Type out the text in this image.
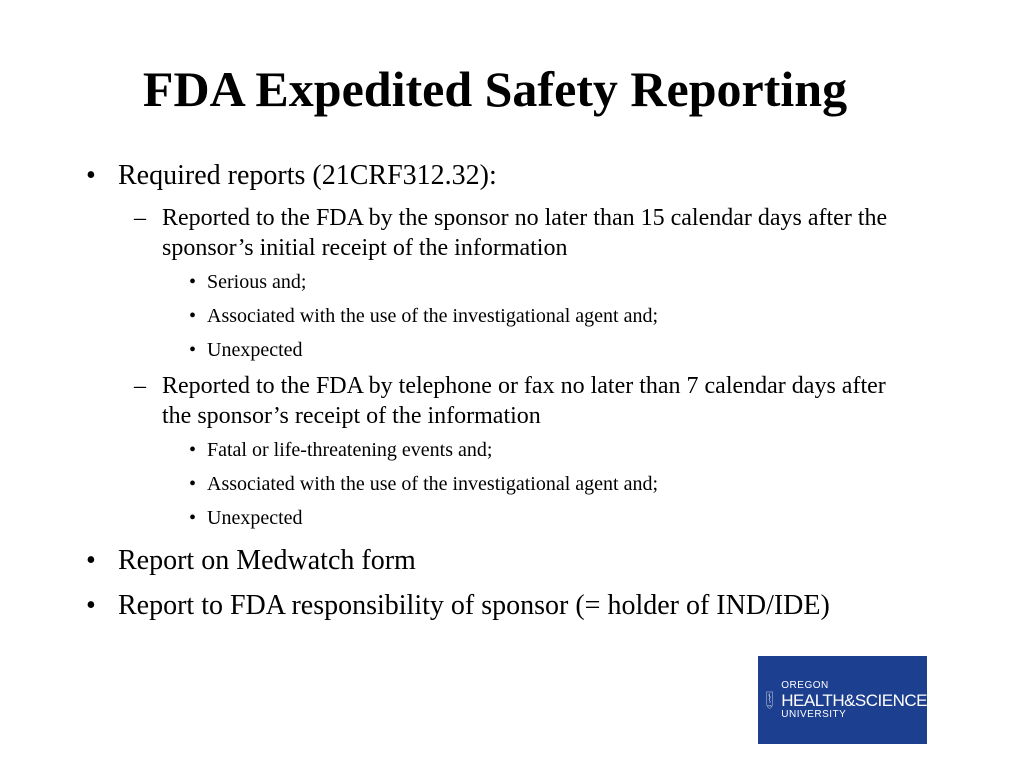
FDA Expedited Safety Reporting
• Required reports (21CRF312.32):
– Reported to the FDA by the sponsor no later than 15 calendar days after the sponsor’s initial receipt of the information
• Serious and;
• Associated with the use of the investigational agent and;
• Unexpected
– Reported to the FDA by telephone or fax no later than 7 calendar days after the sponsor’s receipt of the information
• Fatal or life-threatening events and;
• Associated with the use of the investigational agent and;
• Unexpected
• Report on Medwatch form
• Report to FDA responsibility of sponsor (= holder of IND/IDE)
OHSU
OREGON
HEALTH&SCIENCE
UNIVERSITY
